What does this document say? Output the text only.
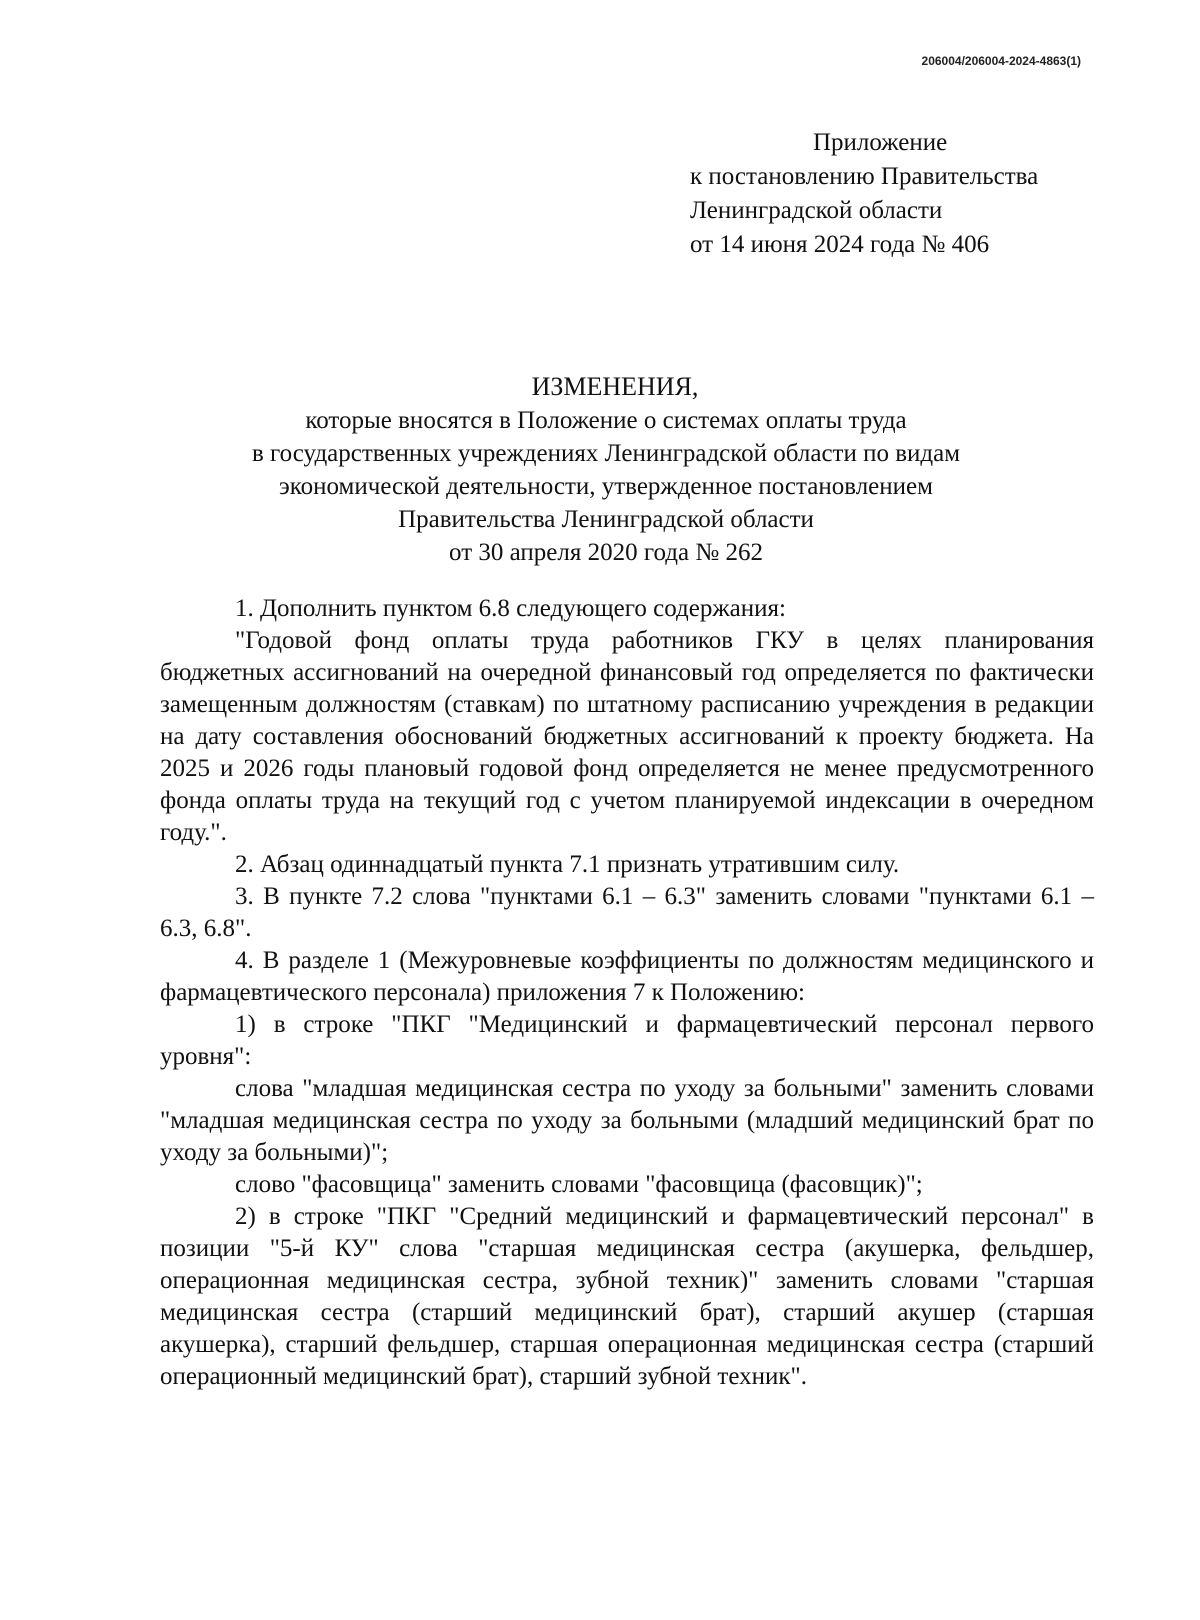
206004/206004-2024-4863(1)
Приложение
к постановлению Правительства
Ленинградской области
от 14 июня 2024 года № 406
ИЗМЕНЕНИЯ,
которые вносятся в Положение о системах оплаты труда
в государственных учреждениях Ленинградской области по видам
экономической деятельности, утвержденное постановлением
Правительства Ленинградской области
от 30 апреля 2020 года № 262

1. Дополнить пунктом 6.8 следующего содержания:

"Годовой фонд оплаты труда работников ГКУ в целях планирования бюджетных ассигнований на очередной финансовый год определяется по фактически замещенным должностям (ставкам) по штатному расписанию учреждения в редакции на дату составления обоснований бюджетных ассигнований к проекту бюджета. На 2025 и 2026 годы плановый годовой фонд определяется не менее предусмотренного фонда оплаты труда на текущий год с учетом планируемой индексации в очередном году.".

2. Абзац одиннадцатый пункта 7.1 признать утратившим силу.

3. В пункте 7.2 слова "пунктами 6.1 – 6.3" заменить словами "пунктами 6.1 – 6.3, 6.8".

4. В разделе 1 (Межуровневые коэффициенты по должностям медицинского и фармацевтического персонала) приложения 7 к Положению:

1) в строке "ПКГ "Медицинский и фармацевтический персонал первого уровня":

слова "младшая медицинская сестра по уходу за больными" заменить словами "младшая медицинская сестра по уходу за больными (младший медицинский брат по уходу за больными)";

слово "фасовщица" заменить словами "фасовщица (фасовщик)";

2) в строке "ПКГ "Средний медицинский и фармацевтический персонал" в позиции "5-й КУ" слова "старшая медицинская сестра (акушерка, фельдшер, операционная медицинская сестра, зубной техник)" заменить словами "старшая медицинская сестра (старший медицинский брат), старший акушер (старшая акушерка), старший фельдшер, старшая операционная медицинская сестра (старший операционный медицинский брат), старший зубной техник".
